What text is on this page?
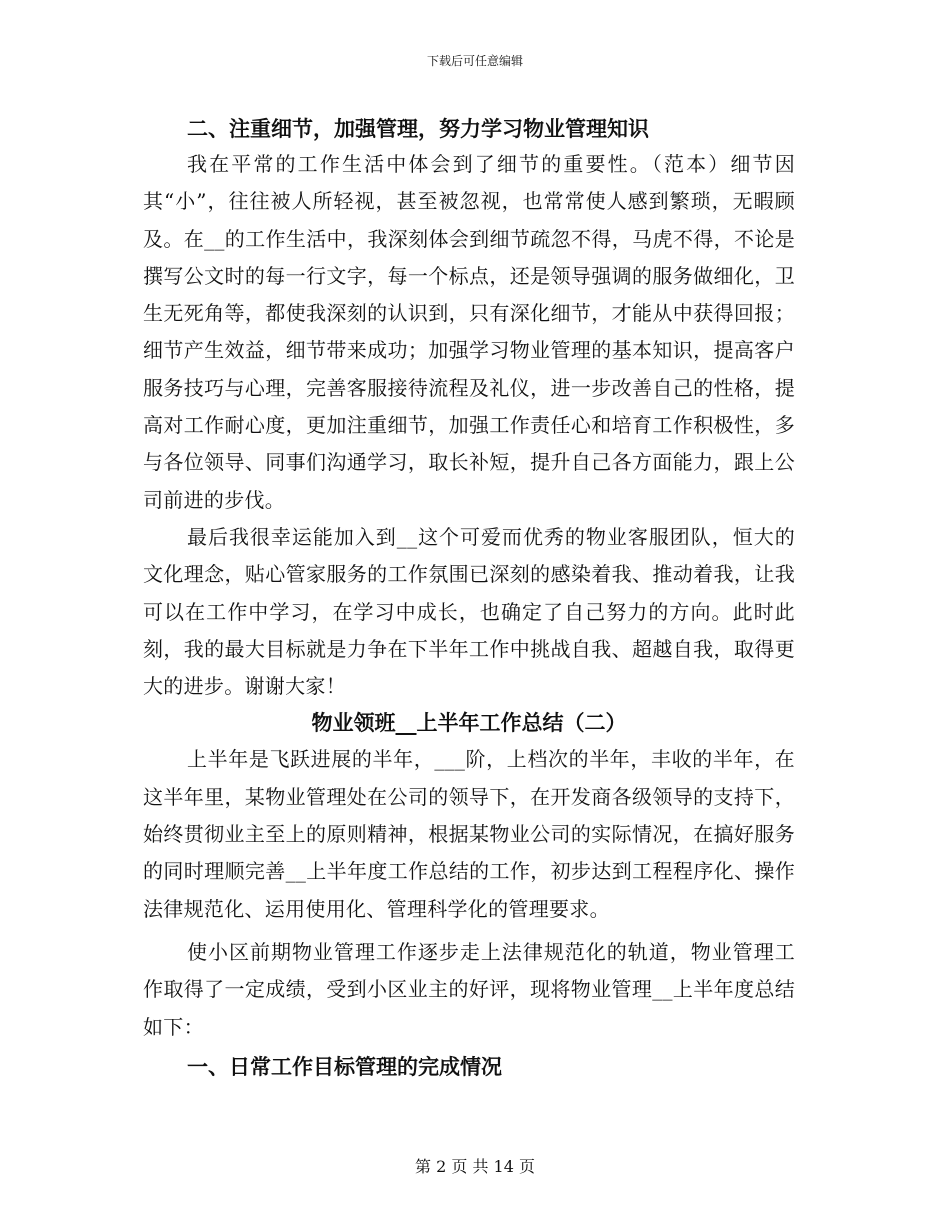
下载后可任意编辑
二、注重细节，加强管理，努力学习物业管理知识

我在平常的工作生活中体会到了细节的重要性。（范本）细节因其“小”，往往被人所轻视，甚至被忽视，也常常使人感到繁琐，无暇顾及。在__的工作生活中，我深刻体会到细节疏忽不得，马虎不得，不论是撰写公文时的每一行文字，每一个标点，还是领导强调的服务做细化，卫生无死角等，都使我深刻的认识到，只有深化细节，才能从中获得回报；细节产生效益，细节带来成功；加强学习物业管理的基本知识，提高客户服务技巧与心理，完善客服接待流程及礼仪，进一步改善自己的性格，提高对工作耐心度，更加注重细节，加强工作责任心和培育工作积极性，多与各位领导、同事们沟通学习，取长补短，提升自己各方面能力，跟上公司前进的步伐。

最后我很幸运能加入到__这个可爱而优秀的物业客服团队，恒大的文化理念，贴心管家服务的工作氛围已深刻的感染着我、推动着我，让我可以在工作中学习，在学习中成长，也确定了自己努力的方向。此时此刻，我的最大目标就是力争在下半年工作中挑战自我、超越自我，取得更大的进步。谢谢大家！

物业领班__上半年工作总结（二）

上半年是飞跃进展的半年，___阶，上档次的半年，丰收的半年，在这半年里，某物业管理处在公司的领导下，在开发商各级领导的支持下，始终贯彻业主至上的原则精神，根据某物业公司的实际情况，在搞好服务的同时理顺完善__上半年度工作总结的工作，初步达到工程程序化、操作法律规范化、运用使用化、管理科学化的管理要求。

使小区前期物业管理工作逐步走上法律规范化的轨道，物业管理工作取得了一定成绩，受到小区业主的好评，现将物业管理__上半年度总结如下：

一、日常工作目标管理的完成情况
第 2 页 共 14 页
